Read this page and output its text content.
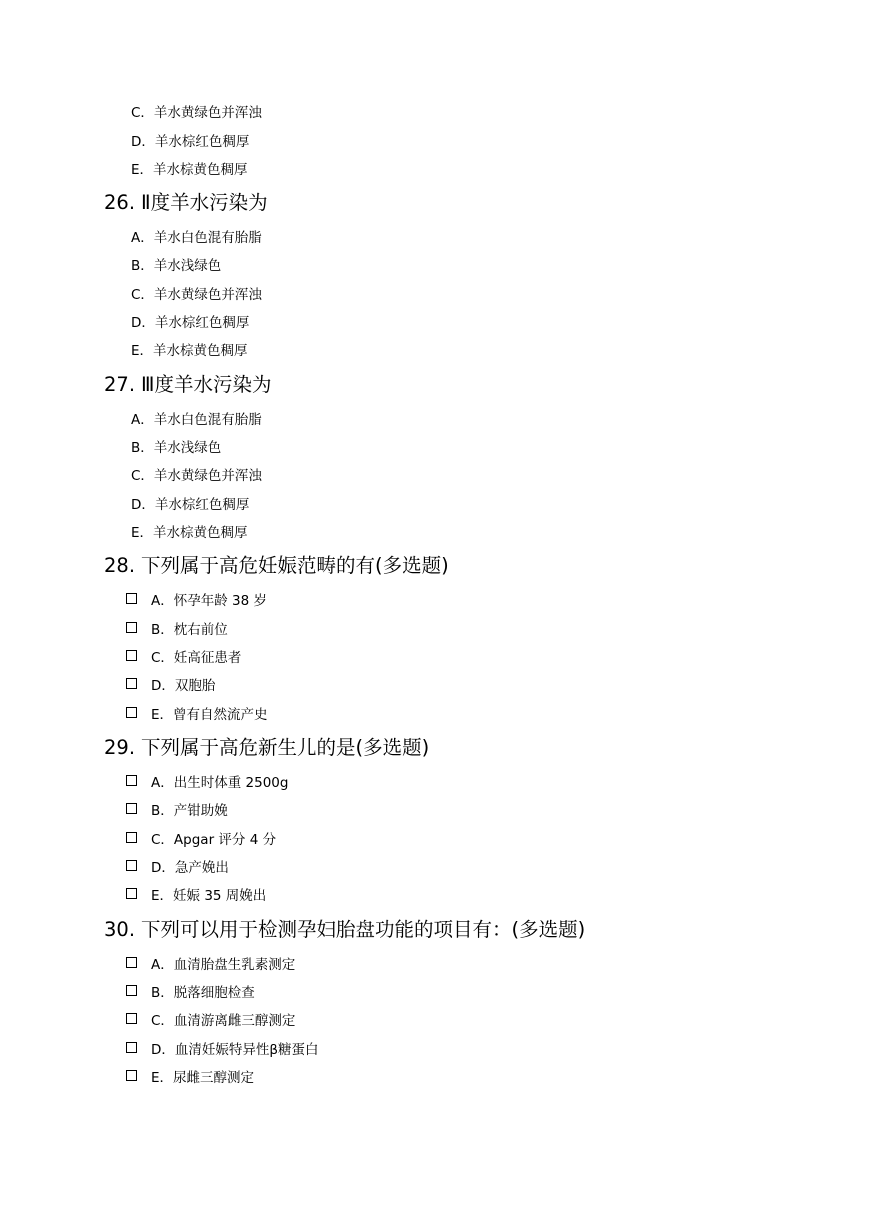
C．羊水黄绿色并浑浊
D．羊水棕红色稠厚
E．羊水棕黄色稠厚
26. Ⅱ度羊水污染为
A．羊水白色混有胎脂
B．羊水浅绿色
C．羊水黄绿色并浑浊
D．羊水棕红色稠厚
E．羊水棕黄色稠厚
27. Ⅲ度羊水污染为
A．羊水白色混有胎脂
B．羊水浅绿色
C．羊水黄绿色并浑浊
D．羊水棕红色稠厚
E．羊水棕黄色稠厚
28. 下列属于高危妊娠范畴的有(多选题)
A．怀孕年龄 38 岁
B．枕右前位
C．妊高征患者
D．双胞胎
E．曾有自然流产史
29. 下列属于高危新生儿的是(多选题)
A．出生时体重 2500g
B．产钳助娩
C．Apgar 评分 4 分
D．急产娩出
E．妊娠 35 周娩出
30. 下列可以用于检测孕妇胎盘功能的项目有：(多选题)
A．血清胎盘生乳素测定
B．脱落细胞检查
C．血清游离雌三醇测定
D．血清妊娠特异性β糖蛋白
E．尿雌三醇测定
